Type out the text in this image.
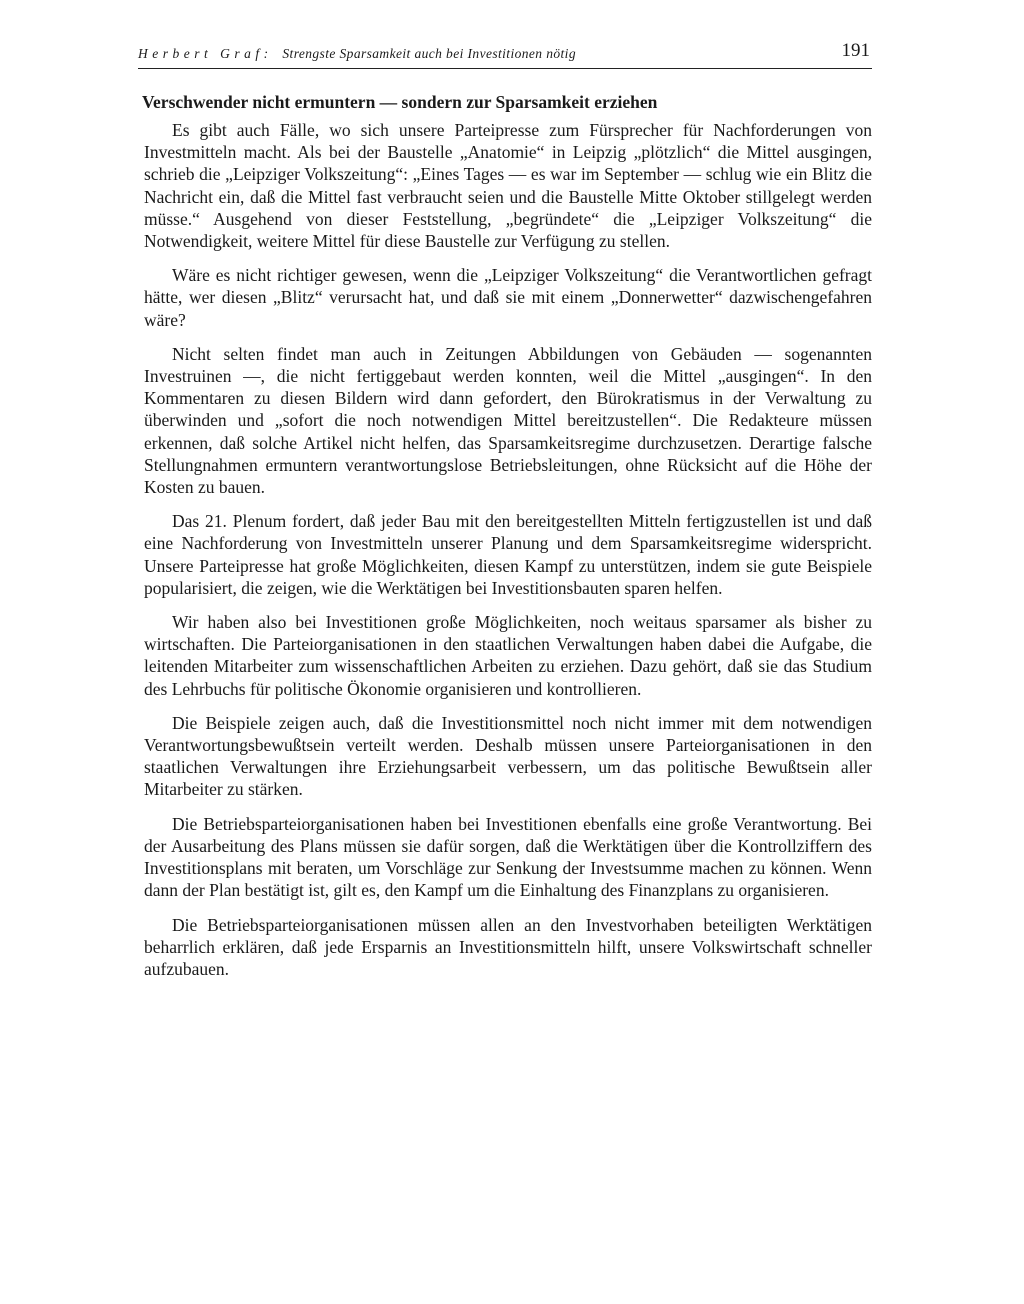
Herbert Graf: Strengste Sparsamkeit auch bei Investitionen nötig	191
Verschwender nicht ermuntern — sondern zur Sparsamkeit erziehen

Es gibt auch Fälle, wo sich unsere Parteipresse zum Fürsprecher für Nachforderungen von Investmitteln macht. Als bei der Baustelle „Anatomie“ in Leipzig „plötzlich“ die Mittel ausgingen, schrieb die „Leipziger Volkszeitung“: „Eines Tages — es war im September — schlug wie ein Blitz die Nachricht ein, daß die Mittel fast verbraucht seien und die Baustelle Mitte Oktober stillgelegt werden müsse.“ Ausgehend von dieser Feststellung, „begründete“ die „Leipziger Volkszeitung“ die Notwendigkeit, weitere Mittel für diese Baustelle zur Verfügung zu stellen.

Wäre es nicht richtiger gewesen, wenn die „Leipziger Volkszeitung“ die Verantwortlichen gefragt hätte, wer diesen „Blitz“ verursacht hat, und daß sie mit einem „Donnerwetter“ dazwischengefahren wäre?

Nicht selten findet man auch in Zeitungen Abbildungen von Gebäuden — sogenannten Investruinen —, die nicht fertiggebaut werden konnten, weil die Mittel „ausgingen“. In den Kommentaren zu diesen Bildern wird dann gefordert, den Bürokratismus in der Verwaltung zu überwinden und „sofort die noch notwendigen Mittel bereitzustellen“. Die Redakteure müssen erkennen, daß solche Artikel nicht helfen, das Sparsamkeitsregime durchzusetzen. Derartige falsche Stellungnahmen ermuntern verantwortungslose Betriebsleitungen, ohne Rücksicht auf die Höhe der Kosten zu bauen.

Das 21. Plenum fordert, daß jeder Bau mit den bereitgestellten Mitteln fertigzustellen ist und daß eine Nachforderung von Investmitteln unserer Planung und dem Sparsamkeitsregime widerspricht. Unsere Parteipresse hat große Möglichkeiten, diesen Kampf zu unterstützen, indem sie gute Beispiele popularisiert, die zeigen, wie die Werktätigen bei Investitionsbauten sparen helfen.

Wir haben also bei Investitionen große Möglichkeiten, noch weitaus sparsamer als bisher zu wirtschaften. Die Parteiorganisationen in den staatlichen Verwaltungen haben dabei die Aufgabe, die leitenden Mitarbeiter zum wissenschaftlichen Arbeiten zu erziehen. Dazu gehört, daß sie das Studium des Lehrbuchs für politische Ökonomie organisieren und kontrollieren.

Die Beispiele zeigen auch, daß die Investitionsmittel noch nicht immer mit dem notwendigen Verantwortungsbewußtsein verteilt werden. Deshalb müssen unsere Parteiorganisationen in den staatlichen Verwaltungen ihre Erziehungsarbeit verbessern, um das politische Bewußtsein aller Mitarbeiter zu stärken.

Die Betriebsparteiorganisationen haben bei Investitionen ebenfalls eine große Verantwortung. Bei der Ausarbeitung des Plans müssen sie dafür sorgen, daß die Werktätigen über die Kontrollziffern des Investitionsplans mit beraten, um Vorschläge zur Senkung der Investsumme machen zu können. Wenn dann der Plan bestätigt ist, gilt es, den Kampf um die Einhaltung des Finanzplans zu organisieren.

Die Betriebsparteiorganisationen müssen allen an den Investvorhaben beteiligten Werktätigen beharrlich erklären, daß jede Ersparnis an Investitionsmitteln hilft, unsere Volkswirtschaft schneller aufzubauen.
